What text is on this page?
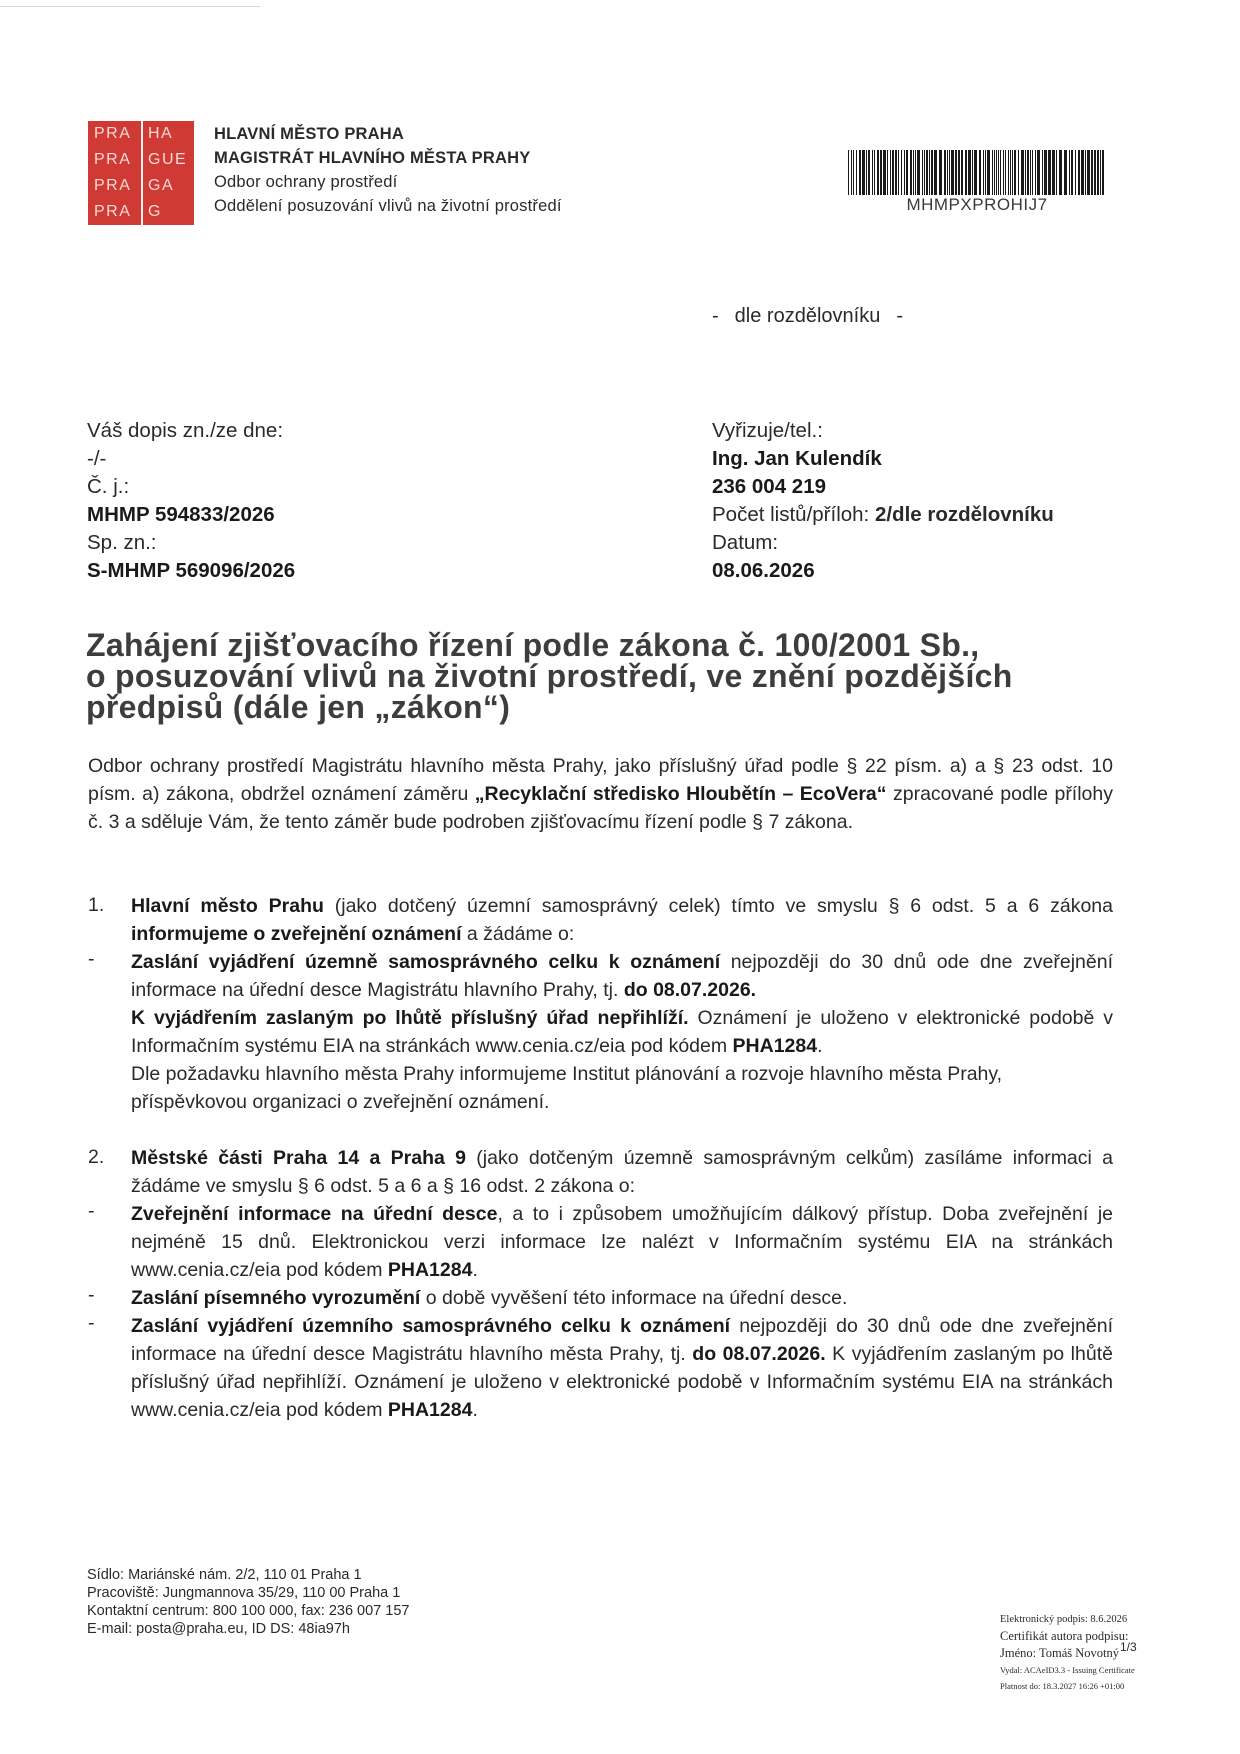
PRA HA
PRA GUE
PRA GA
PRA G
HLAVNÍ MĚSTO PRAHA
MAGISTRÁT HLAVNÍHO MĚSTA PRAHY
Odbor ochrany prostředí
Oddělení posuzování vlivů na životní prostředí	MHMPXPROHIJ7
- dle rozdělovníku -
Váš dopis zn./ze dne:
-/-
Č. j.:
MHMP 594833/2026
Sp. zn.:
S-MHMP 569096/2026
Vyřizuje/tel.:
Ing. Jan Kulendík
236 004 219
Počet listů/příloh: 2/dle rozdělovníku
Datum:
08.06.2026
Zahájení zjišťovacího řízení podle zákona č. 100/2001 Sb.,
o posuzování vlivů na životní prostředí, ve znění pozdějších
předpisů (dále jen „zákon“)
Odbor ochrany prostředí Magistrátu hlavního města Prahy, jako příslušný úřad podle § 22 písm. a) a § 23 odst. 10 písm. a) zákona, obdržel oznámení záměru „Recyklační středisko Hloubětín – EcoVera“ zpracované podle přílohy č. 3 a sděluje Vám, že tento záměr bude podroben zjišťovacímu řízení podle § 7 zákona.
1. Hlavní město Prahu (jako dotčený územní samosprávný celek) tímto ve smyslu § 6 odst. 5 a 6 zákona informujeme o zveřejnění oznámení a žádáme o:
- Zaslání vyjádření územně samosprávného celku k oznámení nejpozději do 30 dnů ode dne zveřejnění informace na úřední desce Magistrátu hlavního Prahy, tj. do 08.07.2026.
K vyjádřením zaslaným po lhůtě příslušný úřad nepřihlíží. Oznámení je uloženo v elektronické podobě v Informačním systému EIA na stránkách www.cenia.cz/eia pod kódem PHA1284.
Dle požadavku hlavního města Prahy informujeme Institut plánování a rozvoje hlavního města Prahy, příspěvkovou organizaci o zveřejnění oznámení.
2. Městské části Praha 14 a Praha 9 (jako dotčeným územně samosprávným celkům) zasíláme informaci a žádáme ve smyslu § 6 odst. 5 a 6 a § 16 odst. 2 zákona o:
- Zveřejnění informace na úřední desce, a to i způsobem umožňujícím dálkový přístup. Doba zveřejnění je nejméně 15 dnů. Elektronickou verzi informace lze nalézt v Informačním systému EIA na stránkách www.cenia.cz/eia pod kódem PHA1284.
- Zaslání písemného vyrozumění o době vyvěšení této informace na úřední desce.
- Zaslání vyjádření územního samosprávného celku k oznámení nejpozději do 30 dnů ode dne zveřejnění informace na úřední desce Magistrátu hlavního města Prahy, tj. do 08.07.2026. K vyjádřením zaslaným po lhůtě příslušný úřad nepřihlíží. Oznámení je uloženo v elektronické podobě v Informačním systému EIA na stránkách www.cenia.cz/eia pod kódem PHA1284.
Sídlo: Mariánské nám. 2/2, 110 01 Praha 1
Pracoviště: Jungmannova 35/29, 110 00 Praha 1
Kontaktní centrum: 800 100 000, fax: 236 007 157
E-mail: posta@praha.eu, ID DS: 48ia97h
Elektronický podpis: 8.6.2026
Certifikát autora podpisu:
Jméno: Tomáš Novotný
Vydal: ACAeID3.3 - Issuing Certificate
Platnost do: 18.3.2027 16:26 +01:00
1/3
